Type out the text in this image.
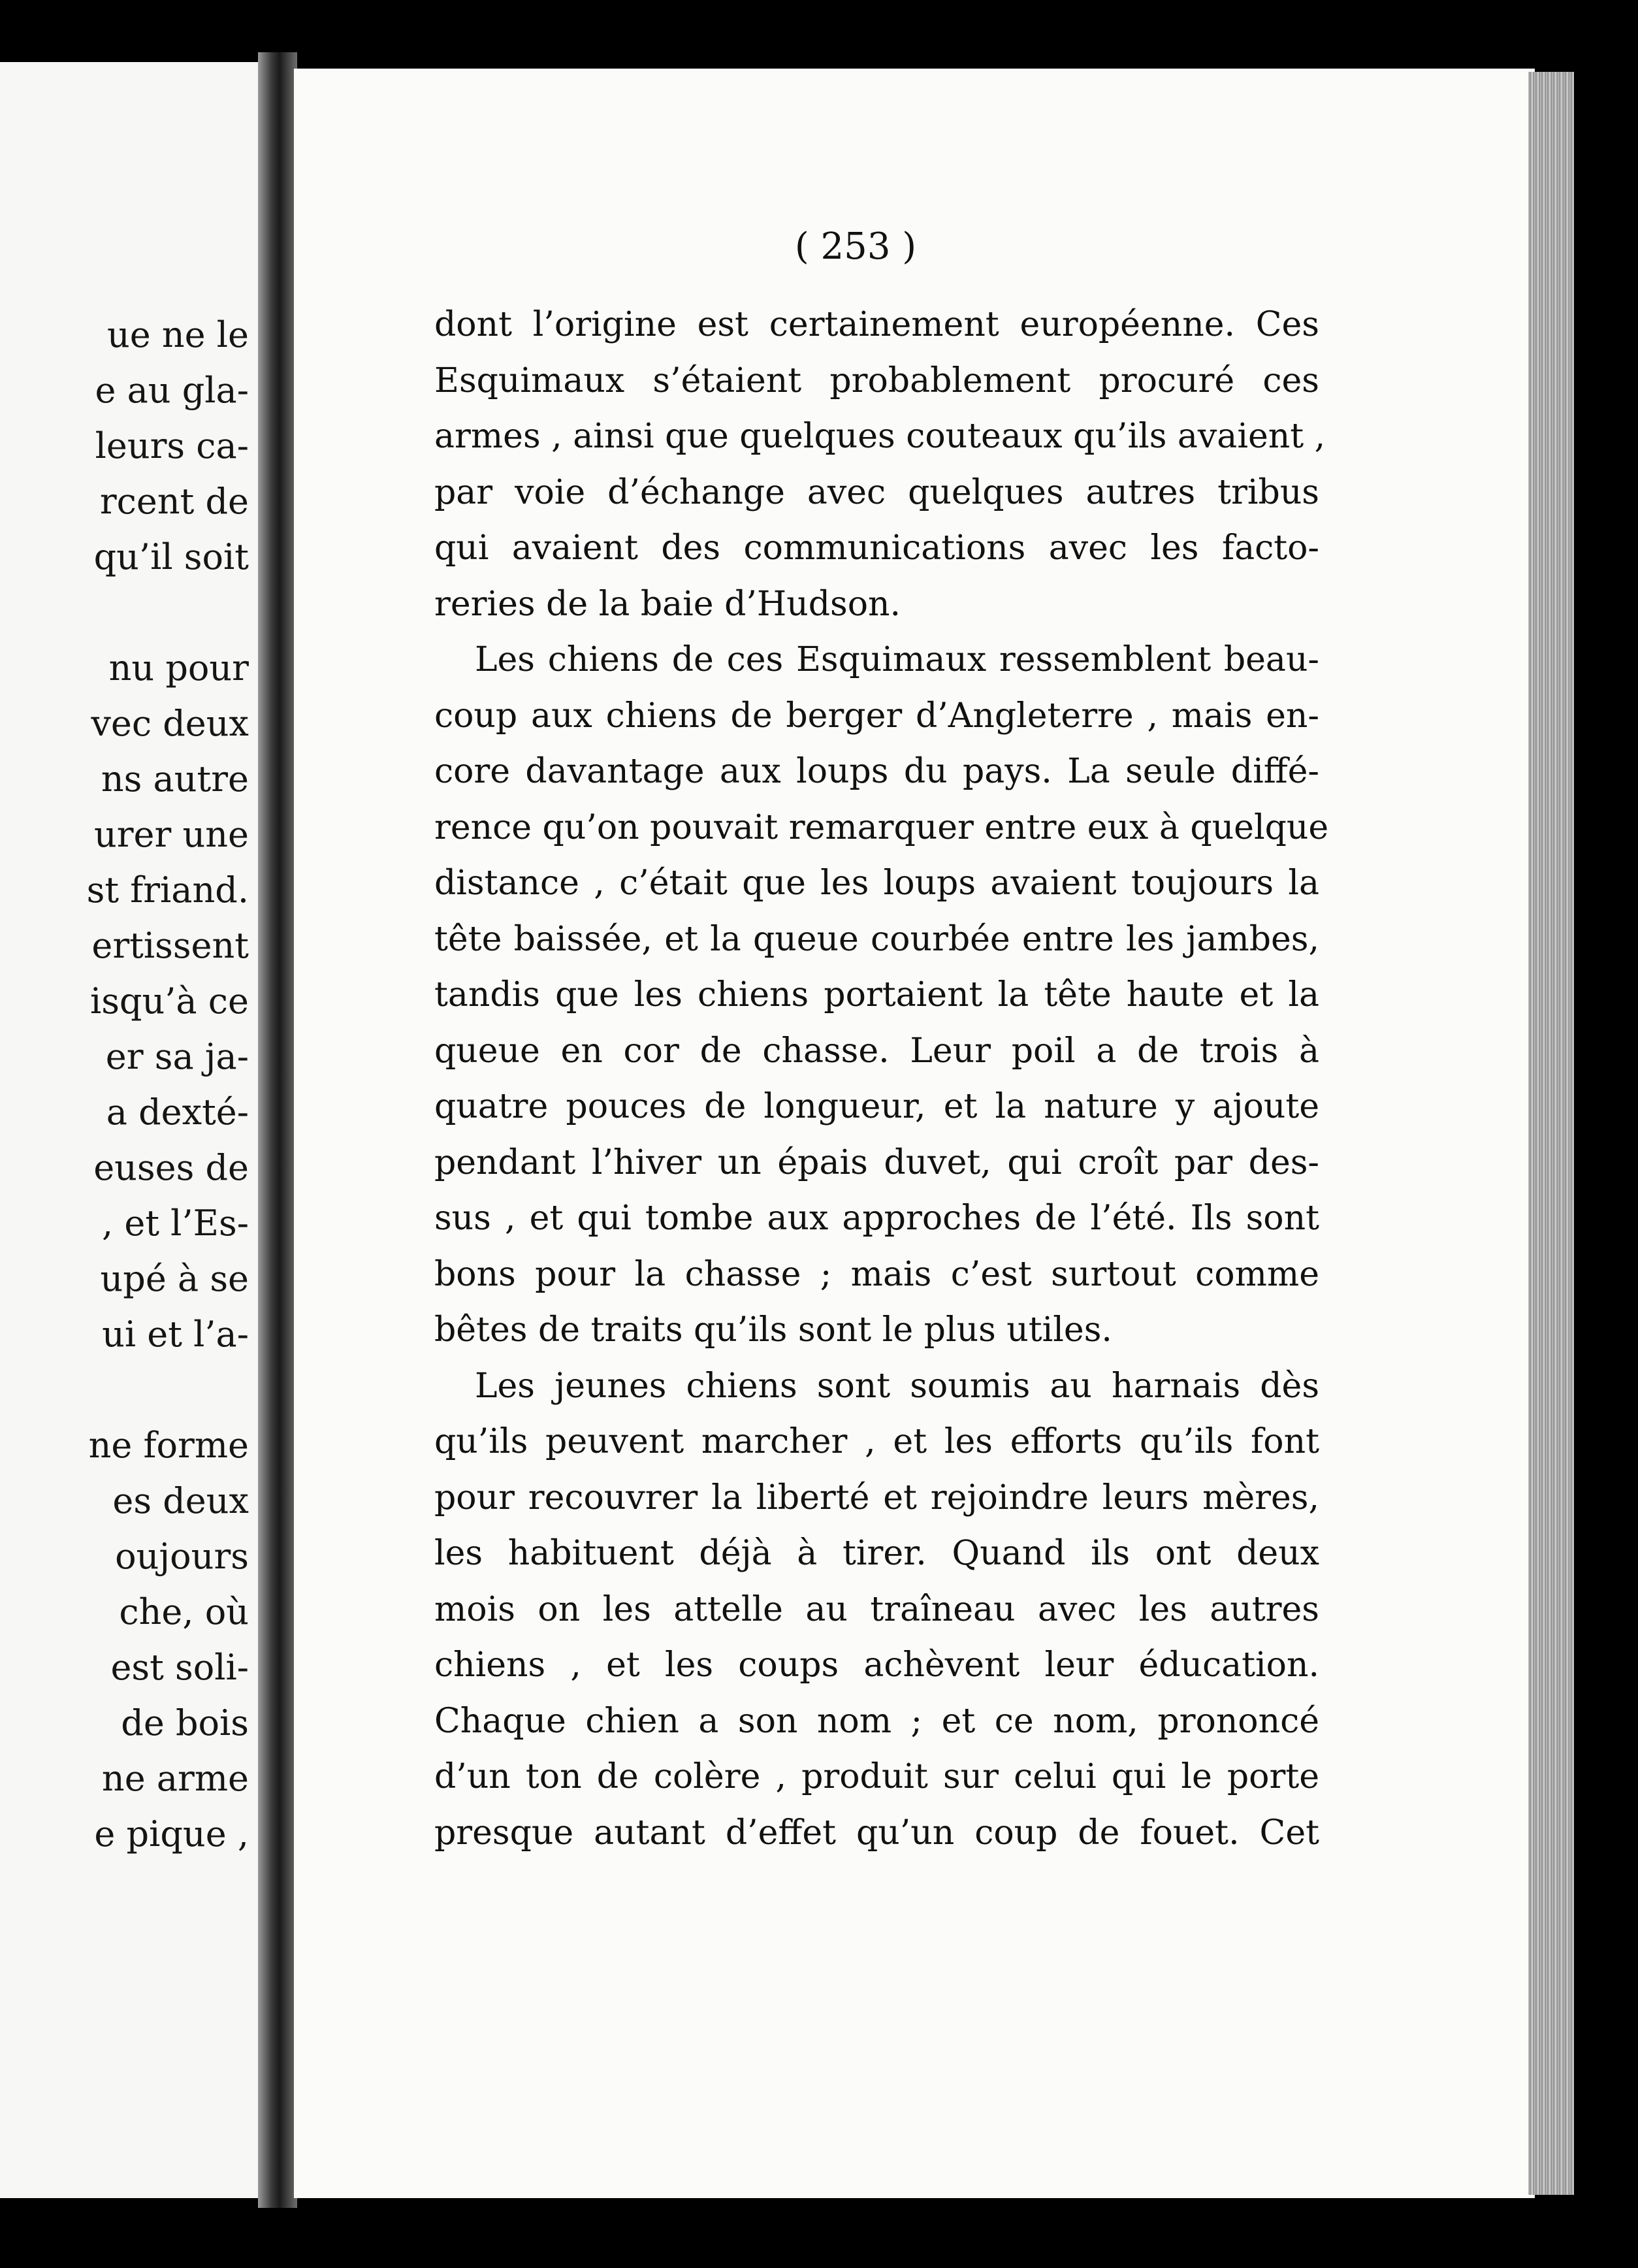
ue ne le
e au gla-
leurs ca-
rcent de
qu’il soit
nu pour
vec deux
ns autre
urer une
st friand.
ertissent
isqu’à ce
er sa ja-
a dexté-
euses de
, et l’Es-
upé à se
ui et l’a-
ne forme
es deux
oujours
che, où
est soli-
de bois
ne arme
e pique ,
( 253 )
dont l’origine est certainement européenne. Ces
Esquimaux s’étaient probablement procuré ces
armes , ainsi que quelques couteaux qu’ils avaient ,
par voie d’échange avec quelques autres tribus
qui avaient des communications avec les facto-
reries de la baie d’Hudson.
Les chiens de ces Esquimaux ressemblent beau-
coup aux chiens de berger d’Angleterre , mais en-
core davantage aux loups du pays. La seule diffé-
rence qu’on pouvait remarquer entre eux à quelque
distance , c’était que les loups avaient toujours la
tête baissée, et la queue courbée entre les jambes,
tandis que les chiens portaient la tête haute et la
queue en cor de chasse. Leur poil a de trois à
quatre pouces de longueur, et la nature y ajoute
pendant l’hiver un épais duvet, qui croît par des-
sus , et qui tombe aux approches de l’été. Ils sont
bons pour la chasse ; mais c’est surtout comme
bêtes de traits qu’ils sont le plus utiles.
Les jeunes chiens sont soumis au harnais dès
qu’ils peuvent marcher , et les efforts qu’ils font
pour recouvrer la liberté et rejoindre leurs mères,
les habituent déjà à tirer. Quand ils ont deux
mois on les attelle au traîneau avec les autres
chiens , et les coups achèvent leur éducation.
Chaque chien a son nom ; et ce nom, prononcé
d’un ton de colère , produit sur celui qui le porte
presque autant d’effet qu’un coup de fouet. Cet
